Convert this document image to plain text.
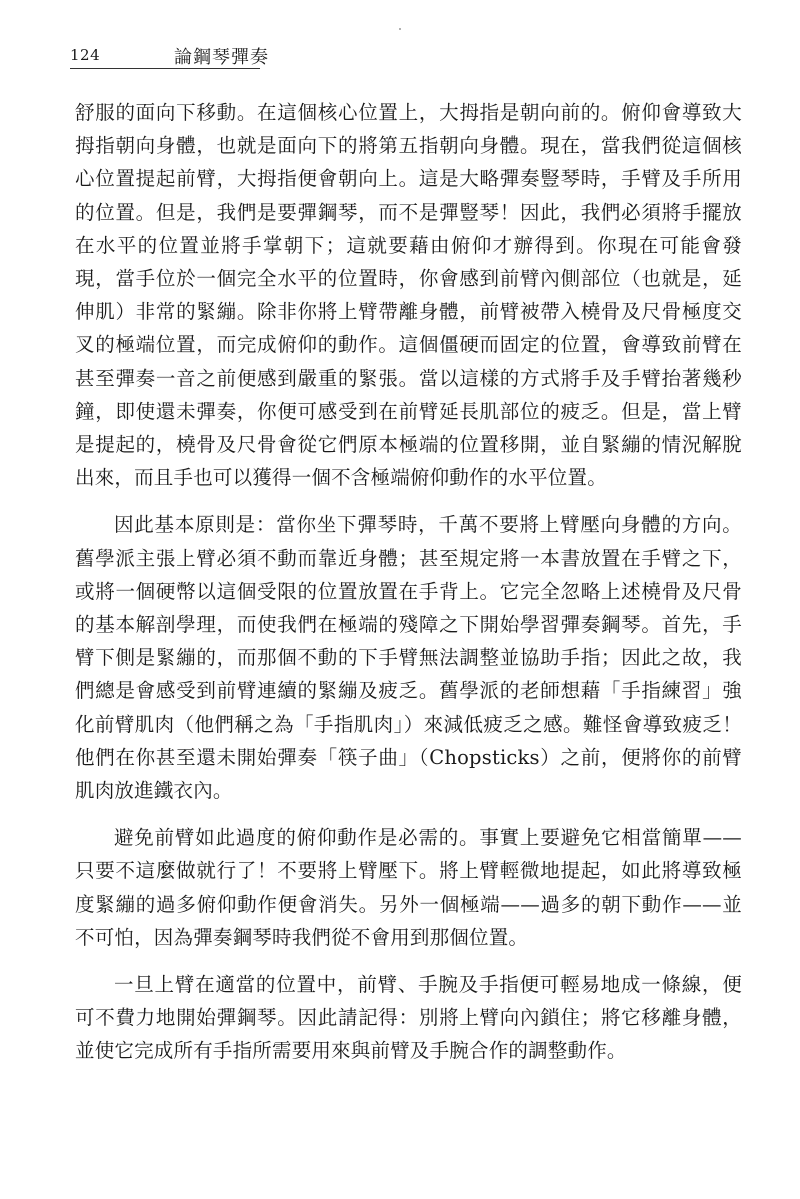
124	論鋼琴彈奏

舒服的面向下移動。在這個核心位置上，大拇指是朝向前的。俯仰會導致大拇指朝向身體，也就是面向下的將第五指朝向身體。現在，當我們從這個核心位置提起前臂，大拇指便會朝向上。這是大略彈奏豎琴時，手臂及手所用的位置。但是，我們是要彈鋼琴，而不是彈豎琴！因此，我們必須將手擺放在水平的位置並將手掌朝下；這就要藉由俯仰才辦得到。你現在可能會發現，當手位於一個完全水平的位置時，你會感到前臂內側部位（也就是，延伸肌）非常的緊繃。除非你將上臂帶離身體，前臂被帶入橈骨及尺骨極度交叉的極端位置，而完成俯仰的動作。這個僵硬而固定的位置，會導致前臂在甚至彈奏一音之前便感到嚴重的緊張。當以這樣的方式將手及手臂抬著幾秒鐘，即使還未彈奏，你便可感受到在前臂延長肌部位的疲乏。但是，當上臂是提起的，橈骨及尺骨會從它們原本極端的位置移開，並自緊繃的情況解脫出來，而且手也可以獲得一個不含極端俯仰動作的水平位置。

因此基本原則是：當你坐下彈琴時，千萬不要將上臂壓向身體的方向。舊學派主張上臂必須不動而靠近身體；甚至規定將一本書放置在手臂之下，或將一個硬幣以這個受限的位置放置在手背上。它完全忽略上述橈骨及尺骨的基本解剖學理，而使我們在極端的殘障之下開始學習彈奏鋼琴。首先，手臂下側是緊繃的，而那個不動的下手臂無法調整並協助手指；因此之故，我們總是會感受到前臂連續的緊繃及疲乏。舊學派的老師想藉「手指練習」強化前臂肌肉（他們稱之為「手指肌肉」）來減低疲乏之感。難怪會導致疲乏！他們在你甚至還未開始彈奏「筷子曲」（Chopsticks）之前，便將你的前臂肌肉放進鐵衣內。

避免前臂如此過度的俯仰動作是必需的。事實上要避免它相當簡單——只要不這麼做就行了！不要將上臂壓下。將上臂輕微地提起，如此將導致極度緊繃的過多俯仰動作便會消失。另外一個極端——過多的朝下動作——並不可怕，因為彈奏鋼琴時我們從不會用到那個位置。

一旦上臂在適當的位置中，前臂、手腕及手指便可輕易地成一條線，便可不費力地開始彈鋼琴。因此請記得：別將上臂向內鎖住；將它移離身體，並使它完成所有手指所需要用來與前臂及手腕合作的調整動作。
